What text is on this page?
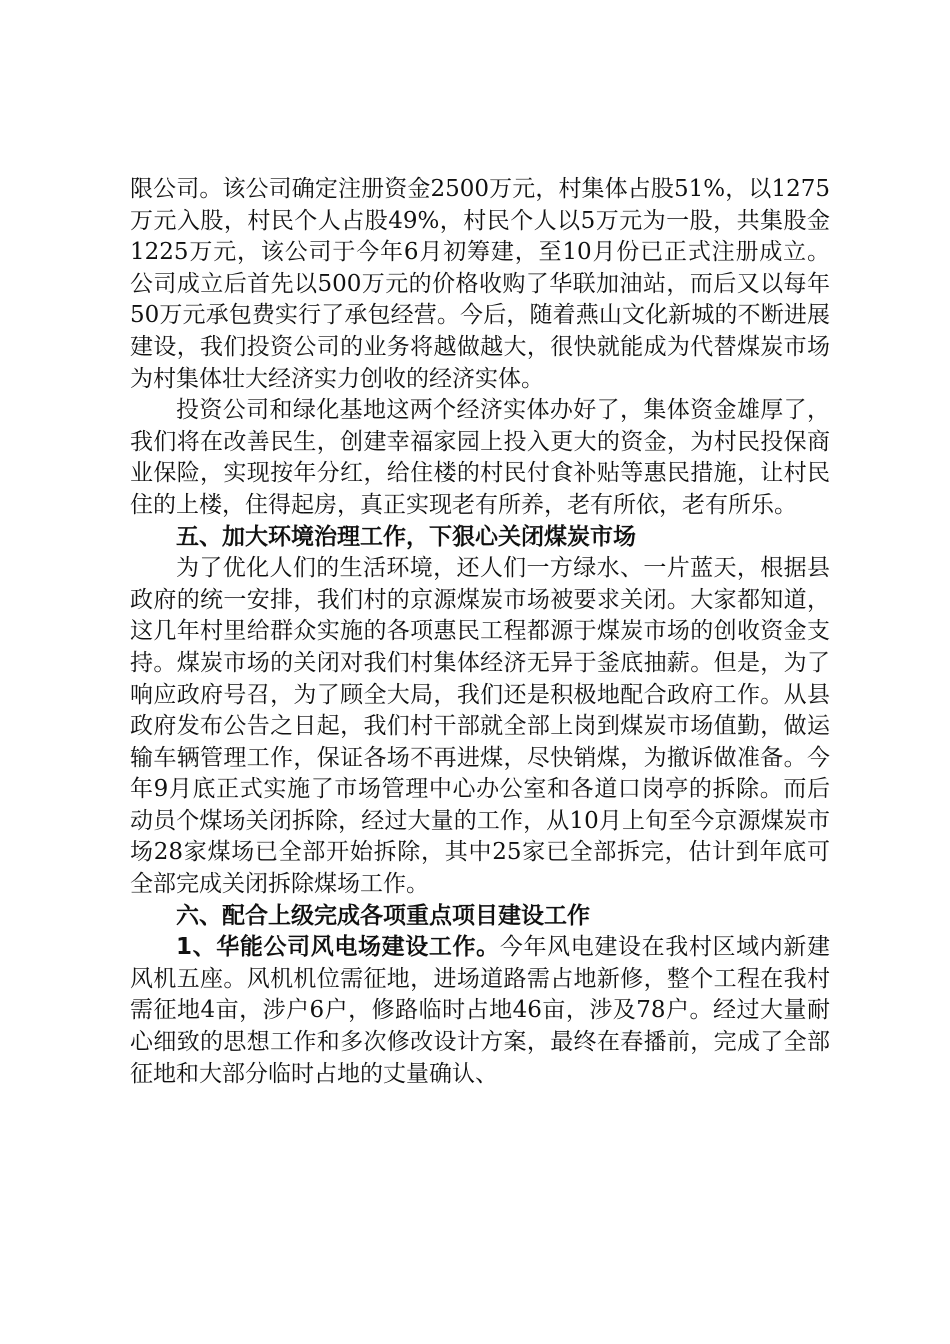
限公司。该公司确定注册资金2500万元，村集体占股51%，以1275万元入股，村民个人占股49%，村民个人以5万元为一股，共集股金1225万元，该公司于今年6月初筹建，至10月份已正式注册成立。公司成立后首先以500万元的价格收购了华联加油站，而后又以每年50万元承包费实行了承包经营。今后，随着燕山文化新城的不断进展建设，我们投资公司的业务将越做越大，很快就能成为代替煤炭市场为村集体壮大经济实力创收的经济实体。

投资公司和绿化基地这两个经济实体办好了，集体资金雄厚了，我们将在改善民生，创建幸福家园上投入更大的资金，为村民投保商业保险，实现按年分红，给住楼的村民付食补贴等惠民措施，让村民住的上楼，住得起房，真正实现老有所养，老有所依，老有所乐。

五、加大环境治理工作，下狠心关闭煤炭市场

为了优化人们的生活环境，还人们一方绿水、一片蓝天，根据县政府的统一安排，我们村的京源煤炭市场被要求关闭。大家都知道，这几年村里给群众实施的各项惠民工程都源于煤炭市场的创收资金支持。煤炭市场的关闭对我们村集体经济无异于釜底抽薪。但是，为了响应政府号召，为了顾全大局，我们还是积极地配合政府工作。从县政府发布公告之日起，我们村干部就全部上岗到煤炭市场值勤，做运输车辆管理工作，保证各场不再进煤，尽快销煤，为撤诉做准备。今年9月底正式实施了市场管理中心办公室和各道口岗亭的拆除。而后动员个煤场关闭拆除，经过大量的工作，从10月上旬至今京源煤炭市场28家煤场已全部开始拆除，其中25家已全部拆完，估计到年底可全部完成关闭拆除煤场工作。

六、配合上级完成各项重点项目建设工作

1、华能公司风电场建设工作。今年风电建设在我村区域内新建风机五座。风机机位需征地，进场道路需占地新修，整个工程在我村需征地4亩，涉户6户，修路临时占地46亩，涉及78户。经过大量耐心细致的思想工作和多次修改设计方案，最终在春播前，完成了全部征地和大部分临时占地的丈量确认、
